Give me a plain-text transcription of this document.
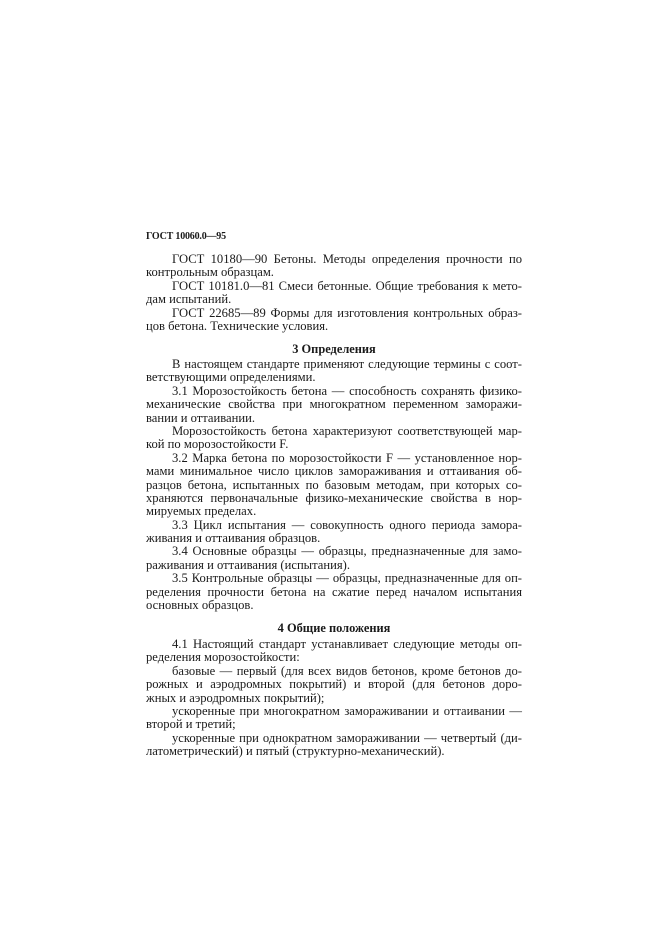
ГОСТ 10060.0—95
ГОСТ 10180—90 Бетоны. Методы определения прочности по
контрольным образцам.
ГОСТ 10181.0—81 Смеси бетонные. Общие требования к мето-
дам испытаний.
ГОСТ 22685—89 Формы для изготовления контрольных образ-
цов бетона. Технические условия.
3 Определения
В настоящем стандарте применяют следующие термины с соот-
ветствующими определениями.
3.1 Морозостойкость бетона — способность сохранять физико-
механические свойства при многократном переменном заморажи-
вании и оттаивании.
Морозостойкость бетона характеризуют соответствующей мар-
кой по морозостойкости F.
3.2 Марка бетона по морозостойкости F — установленное нор-
мами минимальное число циклов замораживания и оттаивания об-
разцов бетона, испытанных по базовым методам, при которых со-
храняются первоначальные физико-механические свойства в нор-
мируемых пределах.
3.3 Цикл испытания — совокупность одного периода замора-
живания и оттаивания образцов.
3.4 Основные образцы — образцы, предназначенные для замо-
раживания и оттаивания (испытания).
3.5 Контрольные образцы — образцы, предназначенные для оп-
ределения прочности бетона на сжатие перед началом испытания
основных образцов.
4 Общие положения
4.1 Настоящий стандарт устанавливает следующие методы оп-
ределения морозостойкости:
базовые — первый (для всех видов бетонов, кроме бетонов до-
рожных и аэродромных покрытий) и второй (для бетонов доро-
жных и аэродромных покрытий);
ускоренные при многократном замораживании и оттаивании —
второй и третий;
ускоренные при однократном замораживании — четвертый (ди-
латометрический) и пятый (структурно-механический).
